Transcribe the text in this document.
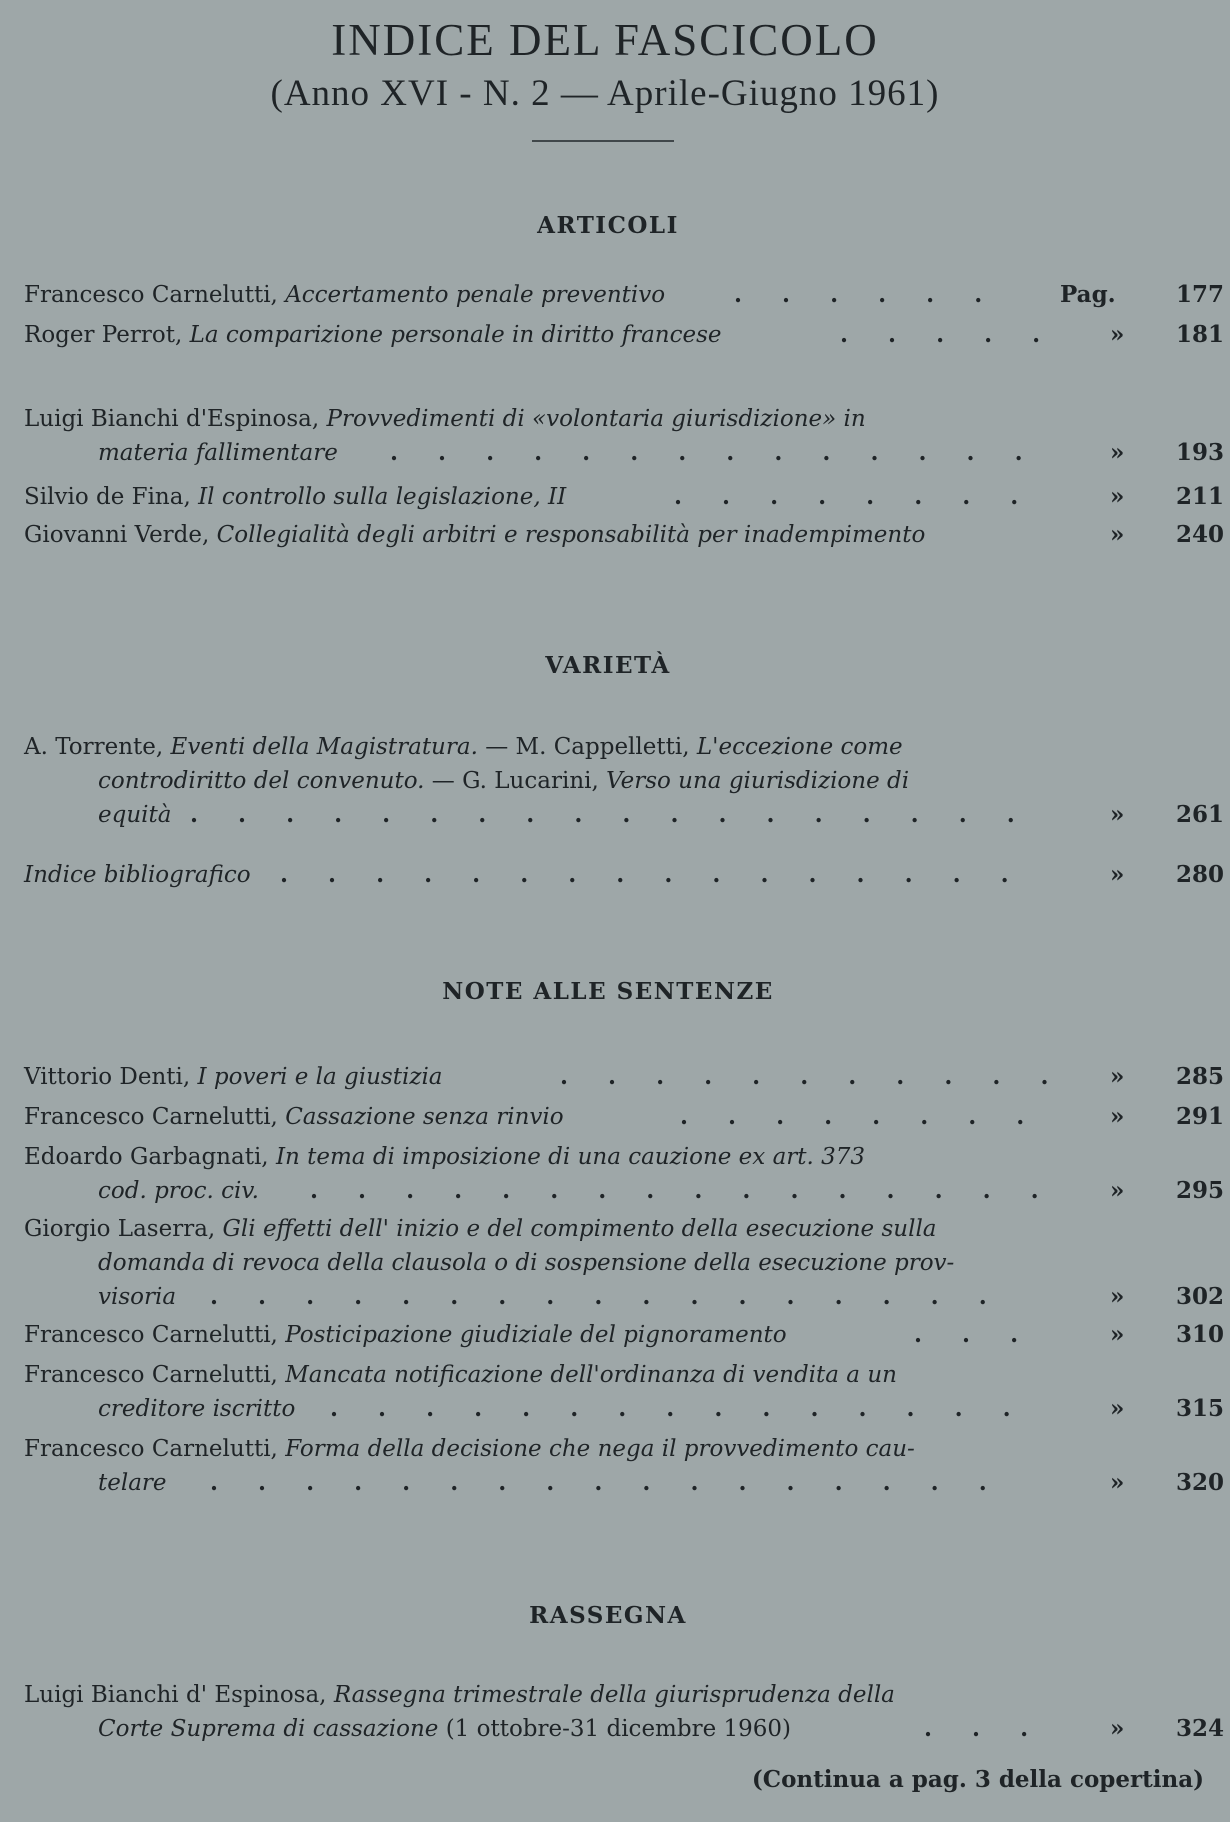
INDICE DEL FASCICOLO
(Anno XVI - N. 2 — Aprile-Giugno 1961)
ARTICOLI
Francesco Carnelutti, Accertamento penale preventivo	.     .     .     .     .     .	Pag.	177
Roger Perrot, La comparizione personale in diritto francese	.     .     .     .     .	»	181
Luigi Bianchi d'Espinosa, Provvedimenti di «volontaria giurisdizione» in
materia fallimentare .     .     .     .     .     .     .     .     .     .     .     .     .     .	»	193
Silvio de Fina, Il controllo sulla legislazione, II	.     .     .     .     .     .     .     .	»	211
Giovanni Verde, Collegialità degli arbitri e responsabilità per inadempimento	»	240
VARIETÀ
A. Torrente, Eventi della Magistratura. — M. Cappelletti, L'eccezione come
controdiritto del convenuto. — G. Lucarini, Verso una giurisdizione di
equità .     .     .     .     .     .     .     .     .     .     .     .     .     .     .     .     .     .	»	261
Indice bibliografico .     .     .     .     .     .     .     .     .     .     .     .     .     .     .     .	»	280
NOTE ALLE SENTENZE
Vittorio Denti, I poveri e la giustizia	.     .     .     .     .     .     .     .     .     .     .	»	285
Francesco Carnelutti, Cassazione senza rinvio	.     .     .     .     .     .     .     .	»	291
Edoardo Garbagnati, In tema di imposizione di una cauzione ex art. 373
cod. proc. civ. .     .     .     .     .     .     .     .     .     .     .     .     .     .     .     .	»	295
Giorgio Laserra, Gli effetti dell' inizio e del compimento della esecuzione sulla
domanda di revoca della clausola o di sospensione della esecuzione prov-
visoria .     .     .     .     .     .     .     .     .     .     .     .     .     .     .     .     .	»	302
Francesco Carnelutti, Posticipazione giudiziale del pignoramento	.     .     .	»	310
Francesco Carnelutti, Mancata notificazione dell'ordinanza di vendita a un
creditore iscritto .     .     .     .     .     .     .     .     .     .     .     .     .     .     .	»	315
Francesco Carnelutti, Forma della decisione che nega il provvedimento cau-
telare .     .     .     .     .     .     .     .     .     .     .     .     .     .     .     .     .	»	320
RASSEGNA
Luigi Bianchi d' Espinosa, Rassegna trimestrale della giurisprudenza della
Corte Suprema di cassazione (1 ottobre-31 dicembre 1960)	.     .     .	»	324
(Continua a pag. 3 della copertina)
